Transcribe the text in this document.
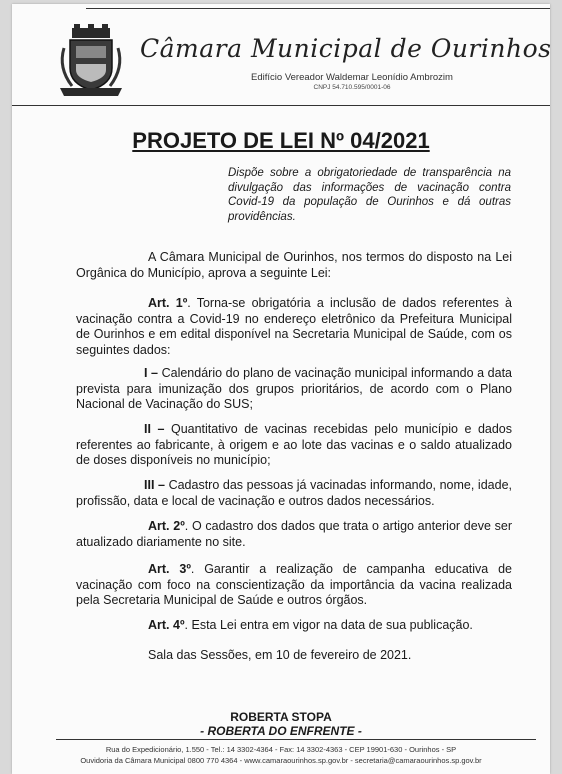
Câmara Municipal de Ourinhos
Edifício Vereador Waldemar Leonídio Ambrozim
CNPJ 54.710.595/0001-06
PROJETO DE LEI Nº 04/2021
Dispõe sobre a obrigatoriedade de transparência na divulgação das informações de vacinação contra Covid-19 da população de Ourinhos e dá outras providências.
A Câmara Municipal de Ourinhos, nos termos do disposto na Lei Orgânica do Município, aprova a seguinte Lei:
Art. 1º. Torna-se obrigatória a inclusão de dados referentes à vacinação contra a Covid-19 no endereço eletrônico da Prefeitura Municipal de Ourinhos e em edital disponível na Secretaria Municipal de Saúde, com os seguintes dados:
I – Calendário do plano de vacinação municipal informando a data prevista para imunização dos grupos prioritários, de acordo com o Plano Nacional de Vacinação do SUS;
II – Quantitativo de vacinas recebidas pelo município e dados referentes ao fabricante, à origem e ao lote das vacinas e o saldo atualizado de doses disponíveis no município;
III – Cadastro das pessoas já vacinadas informando, nome, idade, profissão, data e local de vacinação e outros dados necessários.
Art. 2º. O cadastro dos dados que trata o artigo anterior deve ser atualizado diariamente no site.
Art. 3º. Garantir a realização de campanha educativa de vacinação com foco na conscientização da importância da vacina realizada pela Secretaria Municipal de Saúde e outros órgãos.
Art. 4º. Esta Lei entra em vigor na data de sua publicação.
Sala das Sessões, em 10 de fevereiro de 2021.
ROBERTA STOPA
- ROBERTA DO ENFRENTE -
Rua do Expedicionário, 1.550 - Tel.: 14 3302-4364 - Fax: 14 3302-4363 - CEP 19901-630 - Ourinhos - SP
Ouvidoria da Câmara Municipal 0800 770 4364 - www.camaraourinhos.sp.gov.br - secretaria@camaraourinhos.sp.gov.br
